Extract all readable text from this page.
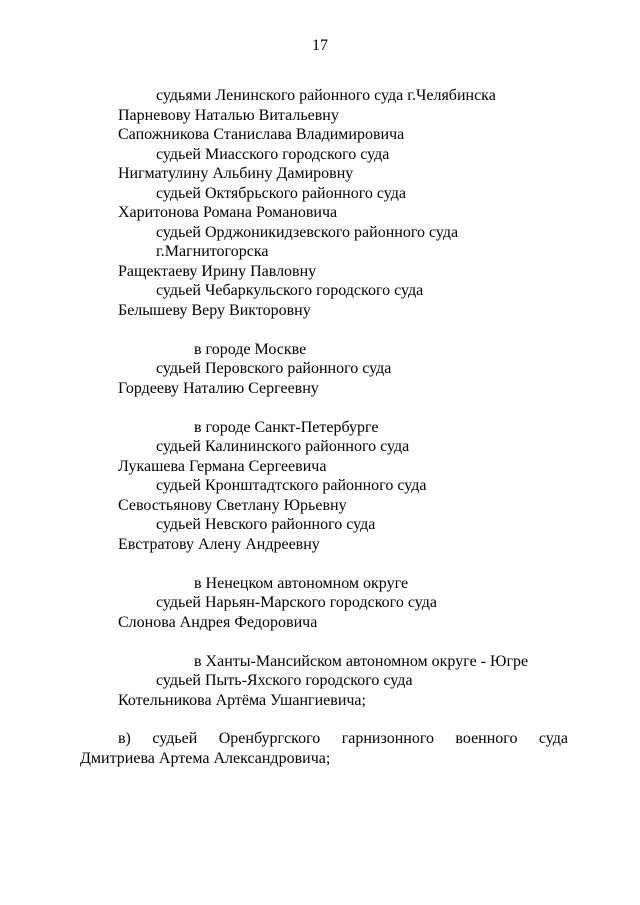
17
судьями Ленинского районного суда г.Челябинска
Парневову Наталью Витальевну
Сапожникова Станислава Владимировича
судьей Миасского городского суда
Нигматулину Альбину Дамировну
судьей Октябрьского районного суда
Харитонова Романа Романовича
судьей Орджоникидзевского районного суда
г.Магнитогорска
Ращектаеву Ирину Павловну
судьей Чебаркульского городского суда
Белышеву Веру Викторовну
в городе Москве
судьей Перовского районного суда
Гордееву Наталию Сергеевну
в городе Санкт-Петербурге
судьей Калининского районного суда
Лукашева Германа Сергеевича
судьей Кронштадтского районного суда
Севостьянову Светлану Юрьевну
судьей Невского районного суда
Евстратову Алену Андреевну
в Ненецком автономном округе
судьей Нарьян-Марского городского суда
Слонова Андрея Федоровича
в Ханты-Мансийском автономном округе - Югре
судьей Пыть-Яхского городского суда
Котельникова Артёма Ушангиевича;
в) судьей Оренбургского гарнизонного военного суда
Дмитриева Артема Александровича;
